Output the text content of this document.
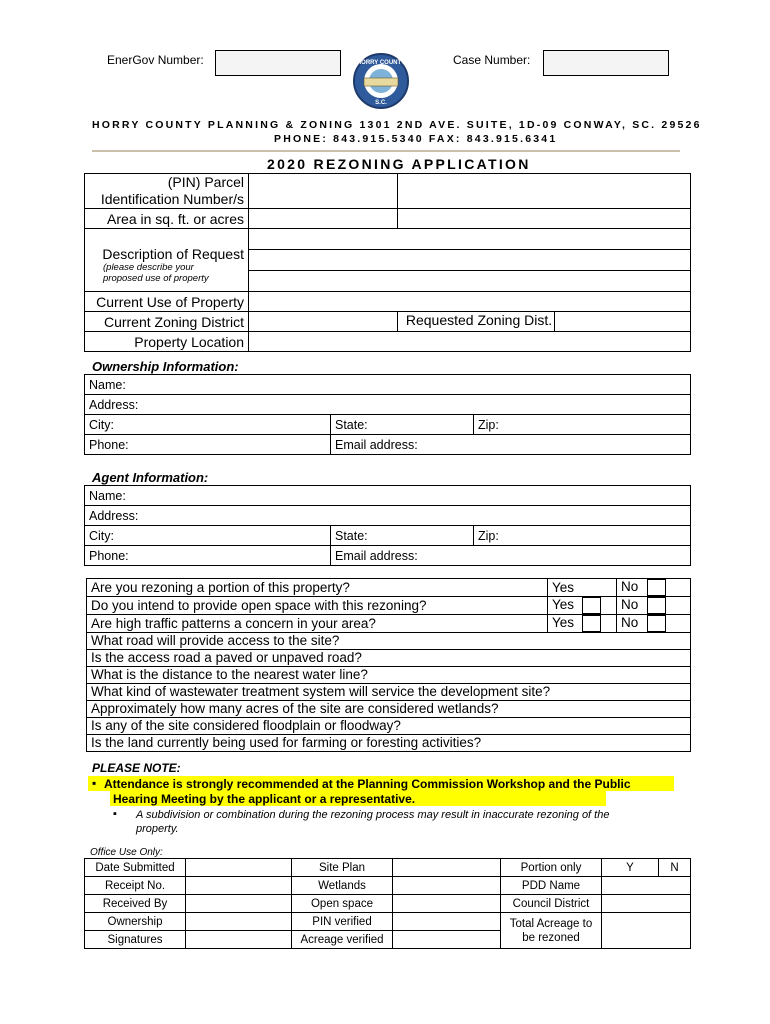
EnerGov Number:	Case Number:
HORRY COUNTY
S.C.
HORRY COUNTY PLANNING & ZONING 1301 2ND AVE. SUITE, 1D-09 CONWAY, SC. 29526
PHONE: 843.915.5340 FAX: 843.915.6341
2020 REZONING APPLICATION
(PIN) Parcel
Identification Number/s		
Area in sq. ft. or acres		

Description of Request
(please describe your proposed use of property		

Current Use of Property		
Current Zoning District		Requested Zoning Dist.

Property Location		
Ownership Information:
Name:		
Address:		
City:	State:	Zip:
Phone:	Email address:	
Agent Information:
Name:		
Address:		
City:	State:	Zip:
Phone:	Email address:	
Are you rezoning a portion of this property?	Yes	No
Do you intend to provide open space with this rezoning?	Yes	No
Are high traffic patterns a concern in your area?	Yes	No
What road will provide access to the site?		
Is the access road a paved or unpaved road?		
What is the distance to the nearest water line?		
What kind of wastewater treatment system will service the development site?		
Approximately how many acres of the site are considered wetlands?		
Is any of the site considered floodplain or floodway?		
Is the land currently being used for farming or foresting activities?		
PLEASE NOTE:
▪ Attendance is strongly recommended at the Planning Commission Workshop and the Public
Hearing Meeting by the applicant or a representative.
▪ A subdivision or combination during the rezoning process may result in inaccurate rezoning of the
property.
Office Use Only:
Date Submitted		Site Plan		Portion only	Y	N
Receipt No.		Wetlands		PDD Name		
Received By		Open space		Council District		
Ownership		PIN verified		Total Acreage to
be rezoned		
Signatures		Acreage verified				
